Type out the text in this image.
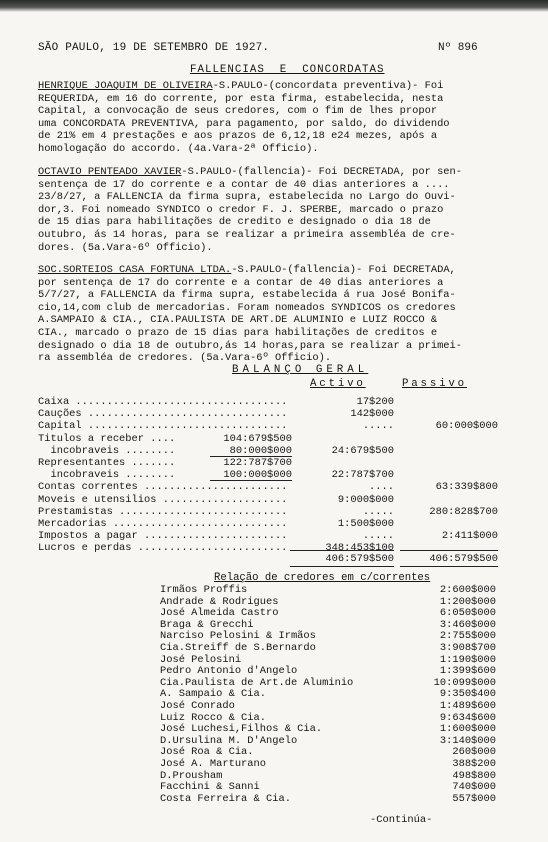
SÃO PAULO, 19 DE SETEMBRO DE 1927.	Nº 896
FALLENCIAS  E  CONCORDATAS
HENRIQUE JOAQUIM DE OLIVEIRA-S.PAULO-(concordata preventiva)- Foi
REQUERIDA, em 16 do corrente, por esta firma, estabelecida, nesta
Capital, a convocação de seus credores, com o fim de lhes propor
uma CONCORDATA PREVENTIVA, para pagamento, por saldo, do dividendo
de 21% em 4 prestações e aos prazos de 6,12,18 e24 mezes, após a
homologação do accordo. (4a.Vara-2ª Officio).
OCTAVIO PENTEADO XAVIER-S.PAULO-(fallencia)- Foi DECRETADA, por sen-
sentença de 17 do corrente e a contar de 40 dias anteriores a ....
23/8/27, a FALLENCIA da firma supra, estabelecida no Largo do Ouvi-
dor,3. Foi nomeado SYNDICO o credor F. J. SPERBE, marcado o prazo
de 15 dias para habilitações de credito e designado o dia 18 de
outubro, ás 14 horas, para se realizar a primeira assembléa de cre-
dores. (5a.Vara-6º Officio).
SOC.SORTEIOS CASA FORTUNA LTDA.-S.PAULO-(fallencia)- Foi DECRETADA,
por sentença de 17 do corrente e a contar de 40 dias anteriores a
5/7/27, a FALLENCIA da firma supra, estabelecida á rua José Bonifa-
cio,14,com club de mercadorias. Foram nomeados SYNDICOS os credores
A.SAMPAIO & CIA., CIA.PAULISTA DE ART.DE ALUMINIO e LUIZ ROCCO &
CIA., marcado o prazo de 15 dias para habilitações de creditos e
designado o dia 18 de outubro,ás 14 horas,para se realizar a primei-
ra assembléa de credores. (5a.Vara-6º Officio).
BALANÇO GERAL
Activo	Passivo
Caixa ..................................	17$200
Cauções ................................	142$000
Capital ................................	.....	60:000$000
Titulos a receber ....	104:679$500
incobraveis ........	80:000$000	24:679$500
Representantes .......	122:787$700
incobraveis ........	100:000$000	22:787$700
Contas correntes .......................	....	63:339$800
Moveis e utensilios ....................	9:000$000
Prestamistas ...........................	.....	280:828$700
Mercadorias ............................	1:500$000
Impostos a pagar .......................	.....	2:411$000
Lucros e perdas ........................	348:453$100
406:579$500	406:579$500
Relação de credores em c/correntes
Irmãos Proffis	2:600$000
Andrade & Rodrigues	1:200$000
José Almeida Castro	6:050$000
Braga & Grecchi	3:460$000
Narciso Pelosini & Irmãos	2:755$000
Cia.Streiff de S.Bernardo	3:908$700
José Pelosini	1:190$000
Pedro Antonio d'Angelo	1:399$600
Cia.Paulista de Art.de Aluminio	10:099$000
A. Sampaio & Cia.	9:350$400
José Conrado	1:489$600
Luiz Rocco & Cia.	9:634$600
José Luchesi,Filhos & Cia.	1:600$000
D.Ursulina M. D'Angelo	3:140$000
José Roa & Cia.	260$000
José A. Marturano	388$200
D.Prousham	498$800
Facchini & Sanni	740$000
Costa Ferreira & Cia.	557$000
-Continúa-
